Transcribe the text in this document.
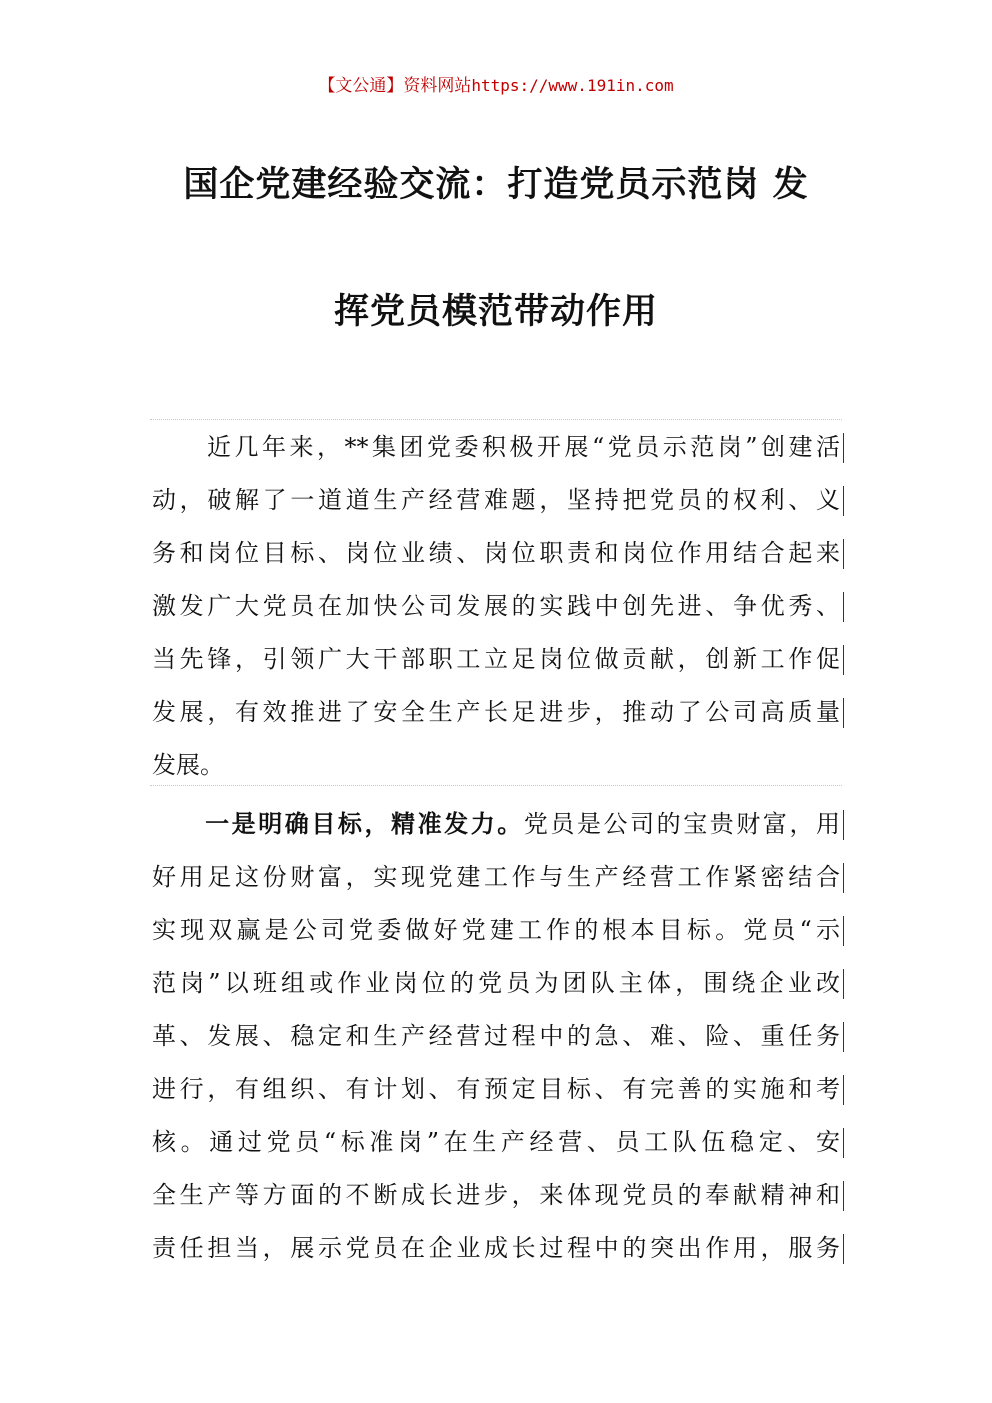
【文公通】资料网站https://www.191in.com
国企党建经验交流：打造党员示范岗 发
挥党员模范带动作用
　　近几年来，**集团党委积极开展“党员示范岗”创建活
动，破解了一道道生产经营难题，坚持把党员的权利、义
务和岗位目标、岗位业绩、岗位职责和岗位作用结合起来
激发广大党员在加快公司发展的实践中创先进、争优秀、
当先锋，引领广大干部职工立足岗位做贡献，创新工作促
发展，有效推进了安全生产长足进步，推动了公司高质量
发展。
　　一是明确目标，精准发力。党员是公司的宝贵财富，用
好用足这份财富，实现党建工作与生产经营工作紧密结合
实现双赢是公司党委做好党建工作的根本目标。党员“示
范岗”以班组或作业岗位的党员为团队主体，围绕企业改
革、发展、稳定和生产经营过程中的急、难、险、重任务
进行，有组织、有计划、有预定目标、有完善的实施和考
核。通过党员“标准岗”在生产经营、员工队伍稳定、安
全生产等方面的不断成长进步，来体现党员的奉献精神和
责任担当，展示党员在企业成长过程中的突出作用，服务
